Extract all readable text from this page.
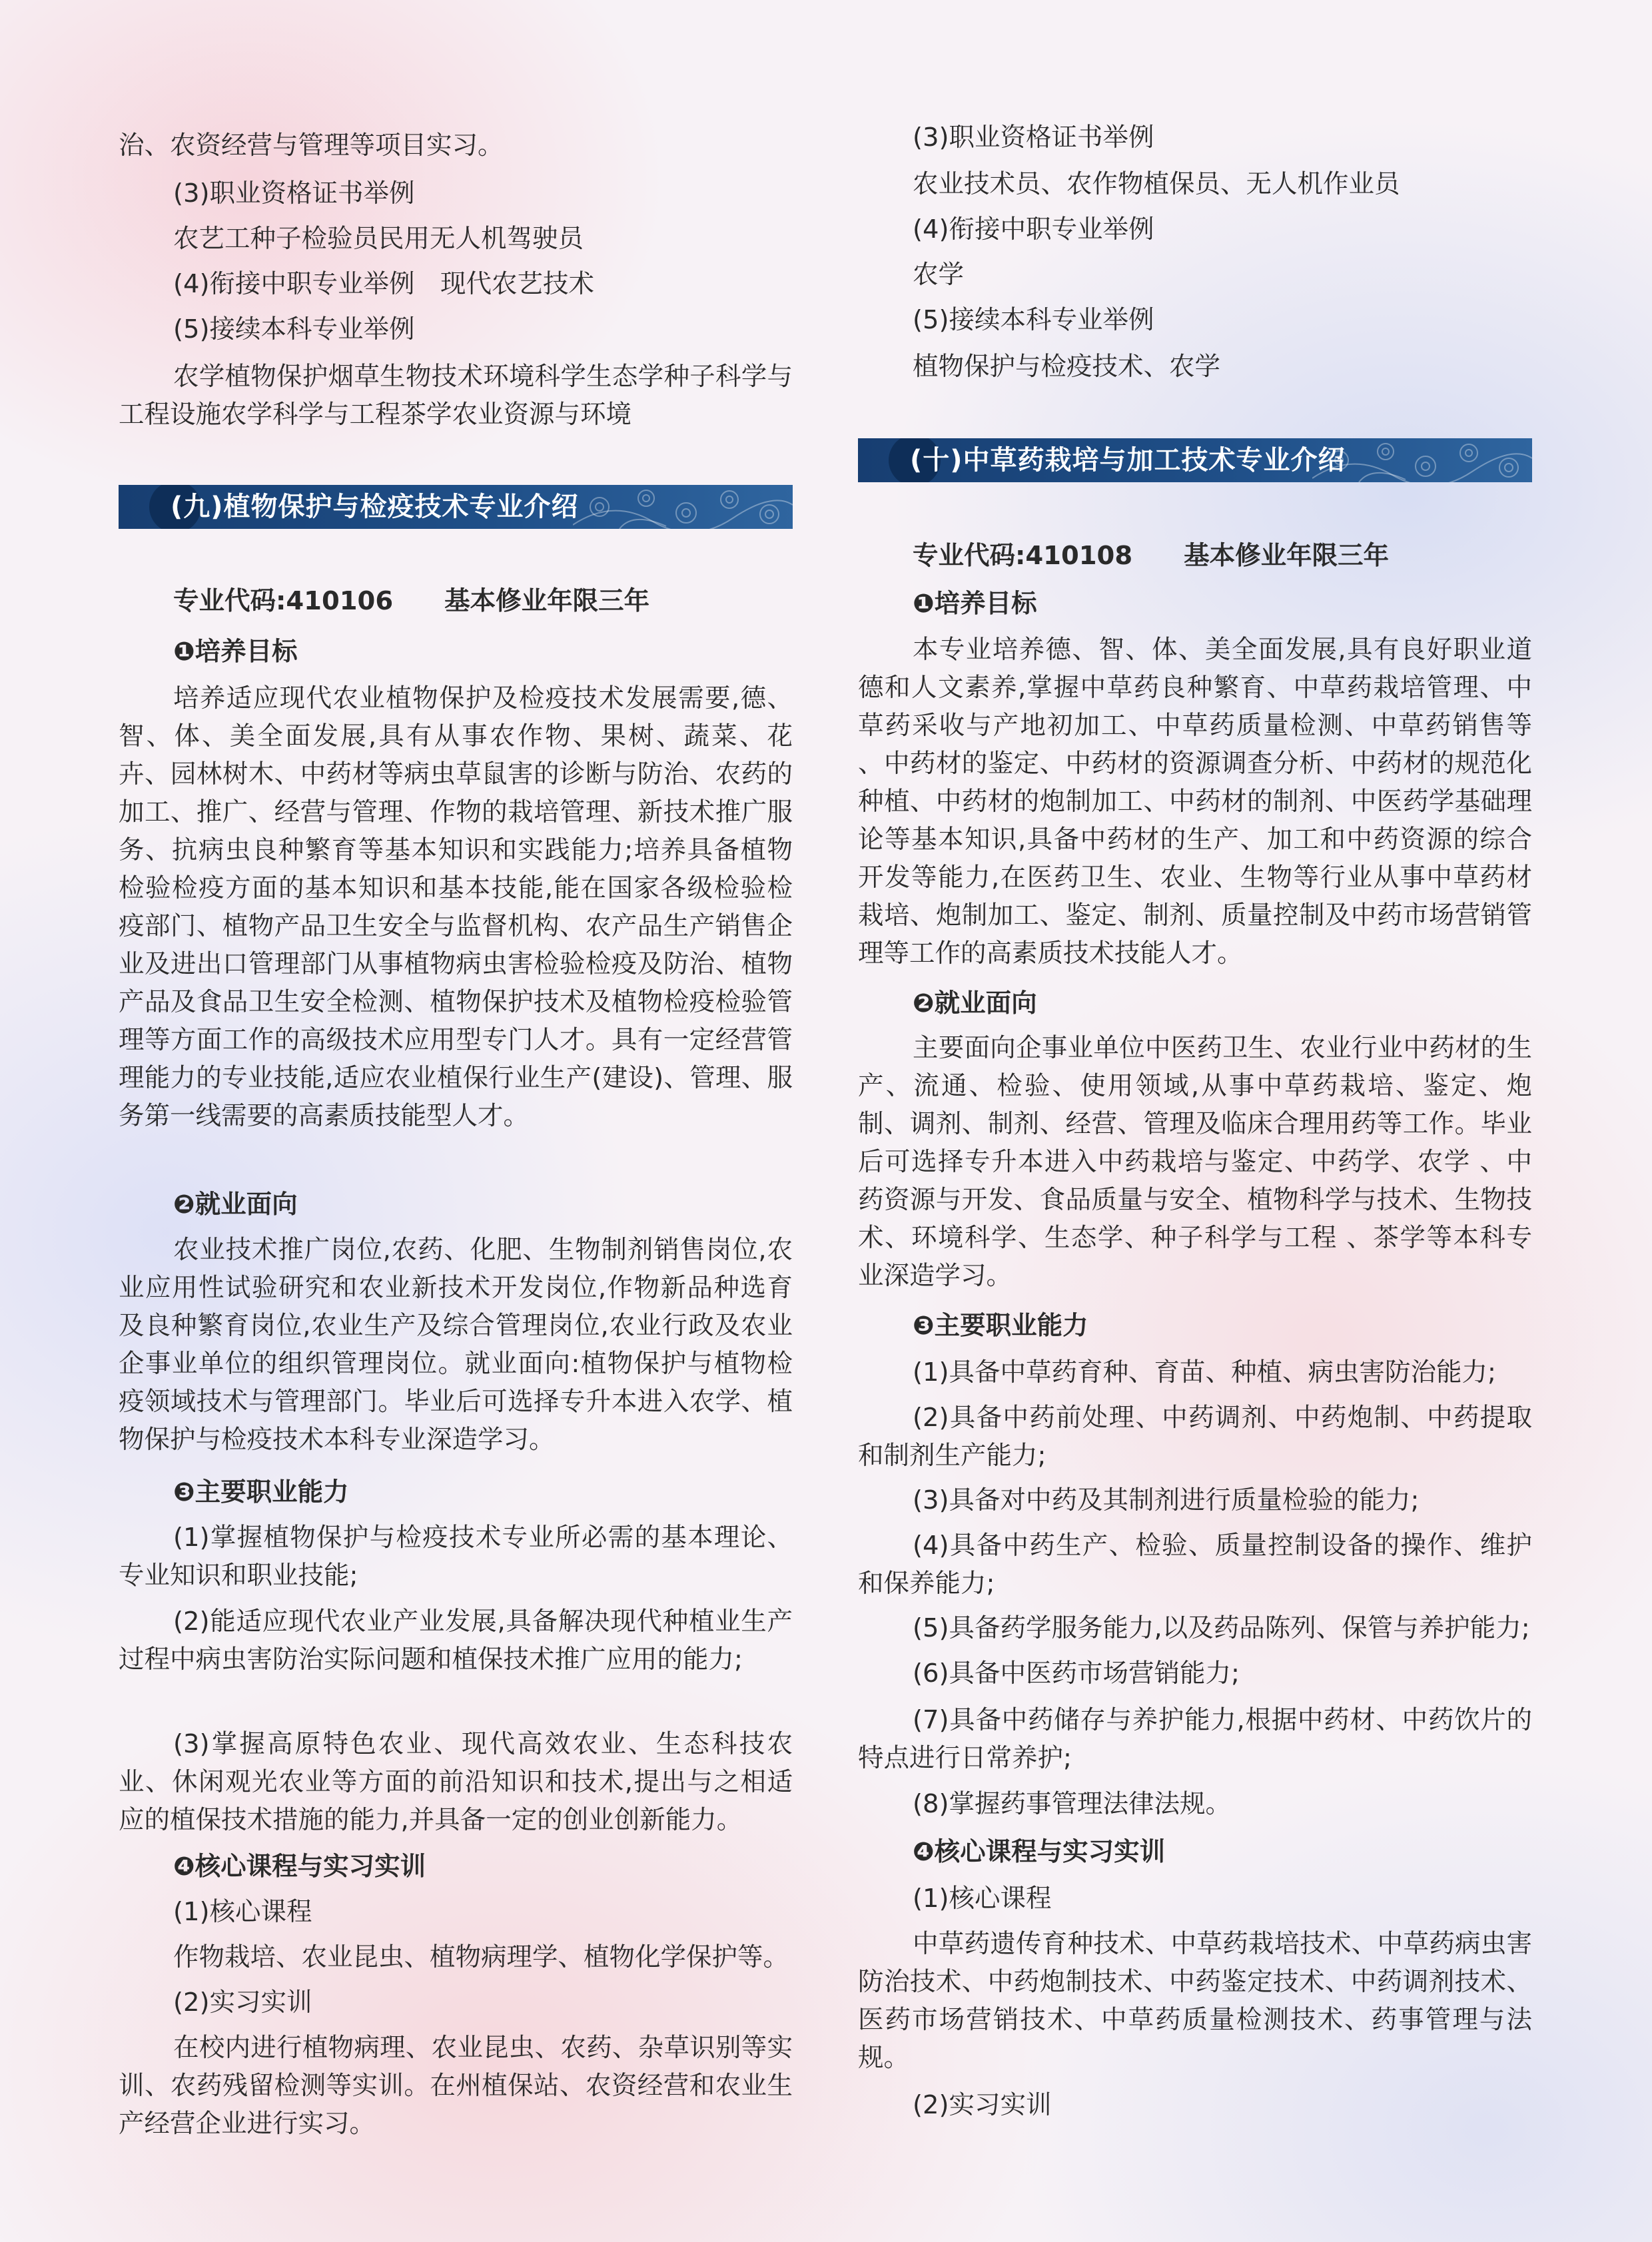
治、农资经营与管理等项目实习。

(3)职业资格证书举例

农艺工种子检验员民用无人机驾驶员

(4)衔接中职专业举例　现代农艺技术

(5)接续本科专业举例

农学植物保护烟草生物技术环境科学生态学种子科学与工程设施农学科学与工程茶学农业资源与环境

(九)植物保护与检疫技术专业介绍

专业代码:410106　　基本修业年限三年

❶培养目标

培养适应现代农业植物保护及检疫技术发展需要,德、智、体、美全面发展,具有从事农作物、果树、蔬菜、花卉、园林树木、中药材等病虫草鼠害的诊断与防治、农药的加工、推广、经营与管理、作物的栽培管理、新技术推广服务、抗病虫良种繁育等基本知识和实践能力;培养具备植物检验检疫方面的基本知识和基本技能,能在国家各级检验检疫部门、植物产品卫生安全与监督机构、农产品生产销售企业及进出口管理部门从事植物病虫害检验检疫及防治、植物产品及食品卫生安全检测、植物保护技术及植物检疫检验管理等方面工作的高级技术应用型专门人才。具有一定经营管理能力的专业技能,适应农业植保行业生产(建设)、管理、服务第一线需要的高素质技能型人才。

❷就业面向

农业技术推广岗位,农药、化肥、生物制剂销售岗位,农业应用性试验研究和农业新技术开发岗位,作物新品种选育及良种繁育岗位,农业生产及综合管理岗位,农业行政及农业企事业单位的组织管理岗位。就业面向:植物保护与植物检疫领域技术与管理部门。毕业后可选择专升本进入农学、植物保护与检疫技术本科专业深造学习。

❸主要职业能力

(1)掌握植物保护与检疫技术专业所必需的基本理论、专业知识和职业技能;

(2)能适应现代农业产业发展,具备解决现代种植业生产过程中病虫害防治实际问题和植保技术推广应用的能力;

(3)掌握高原特色农业、现代高效农业、生态科技农业、休闲观光农业等方面的前沿知识和技术,提出与之相适应的植保技术措施的能力,并具备一定的创业创新能力。

❹核心课程与实习实训

(1)核心课程

作物栽培、农业昆虫、植物病理学、植物化学保护等。

(2)实习实训

在校内进行植物病理、农业昆虫、农药、杂草识别等实训、农药残留检测等实训。在州植保站、农资经营和农业生产经营企业进行实习。

(3)职业资格证书举例

农业技术员、农作物植保员、无人机作业员

(4)衔接中职专业举例

农学

(5)接续本科专业举例

植物保护与检疫技术、农学

(十)中草药栽培与加工技术专业介绍

专业代码:410108　　基本修业年限三年

❶培养目标

本专业培养德、智、体、美全面发展,具有良好职业道德和人文素养,掌握中草药良种繁育、中草药栽培管理、中草药采收与产地初加工、中草药质量检测、中草药销售等 、中药材的鉴定、中药材的资源调查分析、中药材的规范化种植、中药材的炮制加工、中药材的制剂、中医药学基础理论等基本知识,具备中药材的生产、加工和中药资源的综合开发等能力,在医药卫生、农业、生物等行业从事中草药材栽培、炮制加工、鉴定、制剂、质量控制及中药市场营销管理等工作的高素质技术技能人才。

❷就业面向

主要面向企事业单位中医药卫生、农业行业中药材的生产、流通、检验、使用领域,从事中草药栽培、鉴定、炮制、调剂、制剂、经营、管理及临床合理用药等工作。毕业后可选择专升本进入中药栽培与鉴定、中药学、农学 、中药资源与开发、食品质量与安全、植物科学与技术、生物技术、环境科学、生态学、种子科学与工程 、茶学等本科专业深造学习。

❸主要职业能力

(1)具备中草药育种、育苗、种植、病虫害防治能力;

(2)具备中药前处理、中药调剂、中药炮制、中药提取和制剂生产能力;

(3)具备对中药及其制剂进行质量检验的能力;

(4)具备中药生产、检验、质量控制设备的操作、维护和保养能力;

(5)具备药学服务能力,以及药品陈列、保管与养护能力;

(6)具备中医药市场营销能力;

(7)具备中药储存与养护能力,根据中药材、中药饮片的特点进行日常养护;

(8)掌握药事管理法律法规。

❹核心课程与实习实训

(1)核心课程

中草药遗传育种技术、中草药栽培技术、中草药病虫害防治技术、中药炮制技术、中药鉴定技术、中药调剂技术、医药市场营销技术、中草药质量检测技术、药事管理与法规。

(2)实习实训
